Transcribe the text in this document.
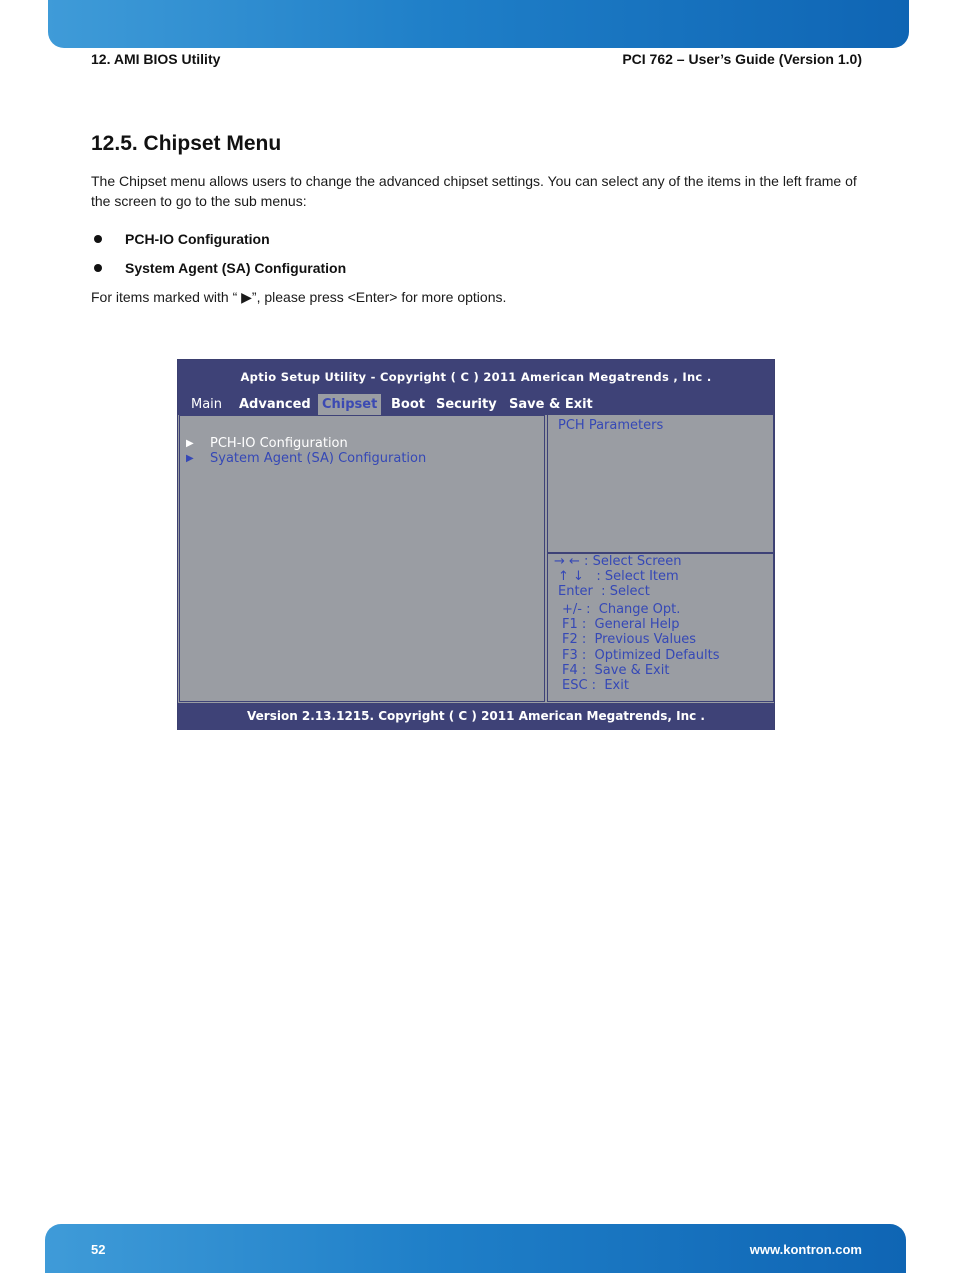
12. AMI BIOS Utility	PCI 762 – User’s Guide (Version 1.0)
12.5. Chipset Menu
The Chipset menu allows users to change the advanced chipset settings. You can select any of the items in the left frame of the screen to go to the sub menus:
PCH-IO Configuration
System Agent (SA) Configuration
For items marked with “ ▶”, please press <Enter> for more options.
Aptio Setup Utility - Copyright ( C ) 2011 American Megatrends , Inc .
Main Advanced Chipset	Boot Security Save & Exit
▶	PCH-IO Configuration
▶	Syatem Agent (SA) Configuration
PCH Parameters
→ ← : Select Screen
↑ ↓   : Select Item
Enter  : Select
+/- : Change Opt.
F1 : General Help
F2 : Previous Values
F3 : Optimized Defaults
F4 : Save & Exit
ESC : Exit
Version 2.13.1215. Copyright ( C ) 2011 American Megatrends, Inc .
52	www.kontron.com
